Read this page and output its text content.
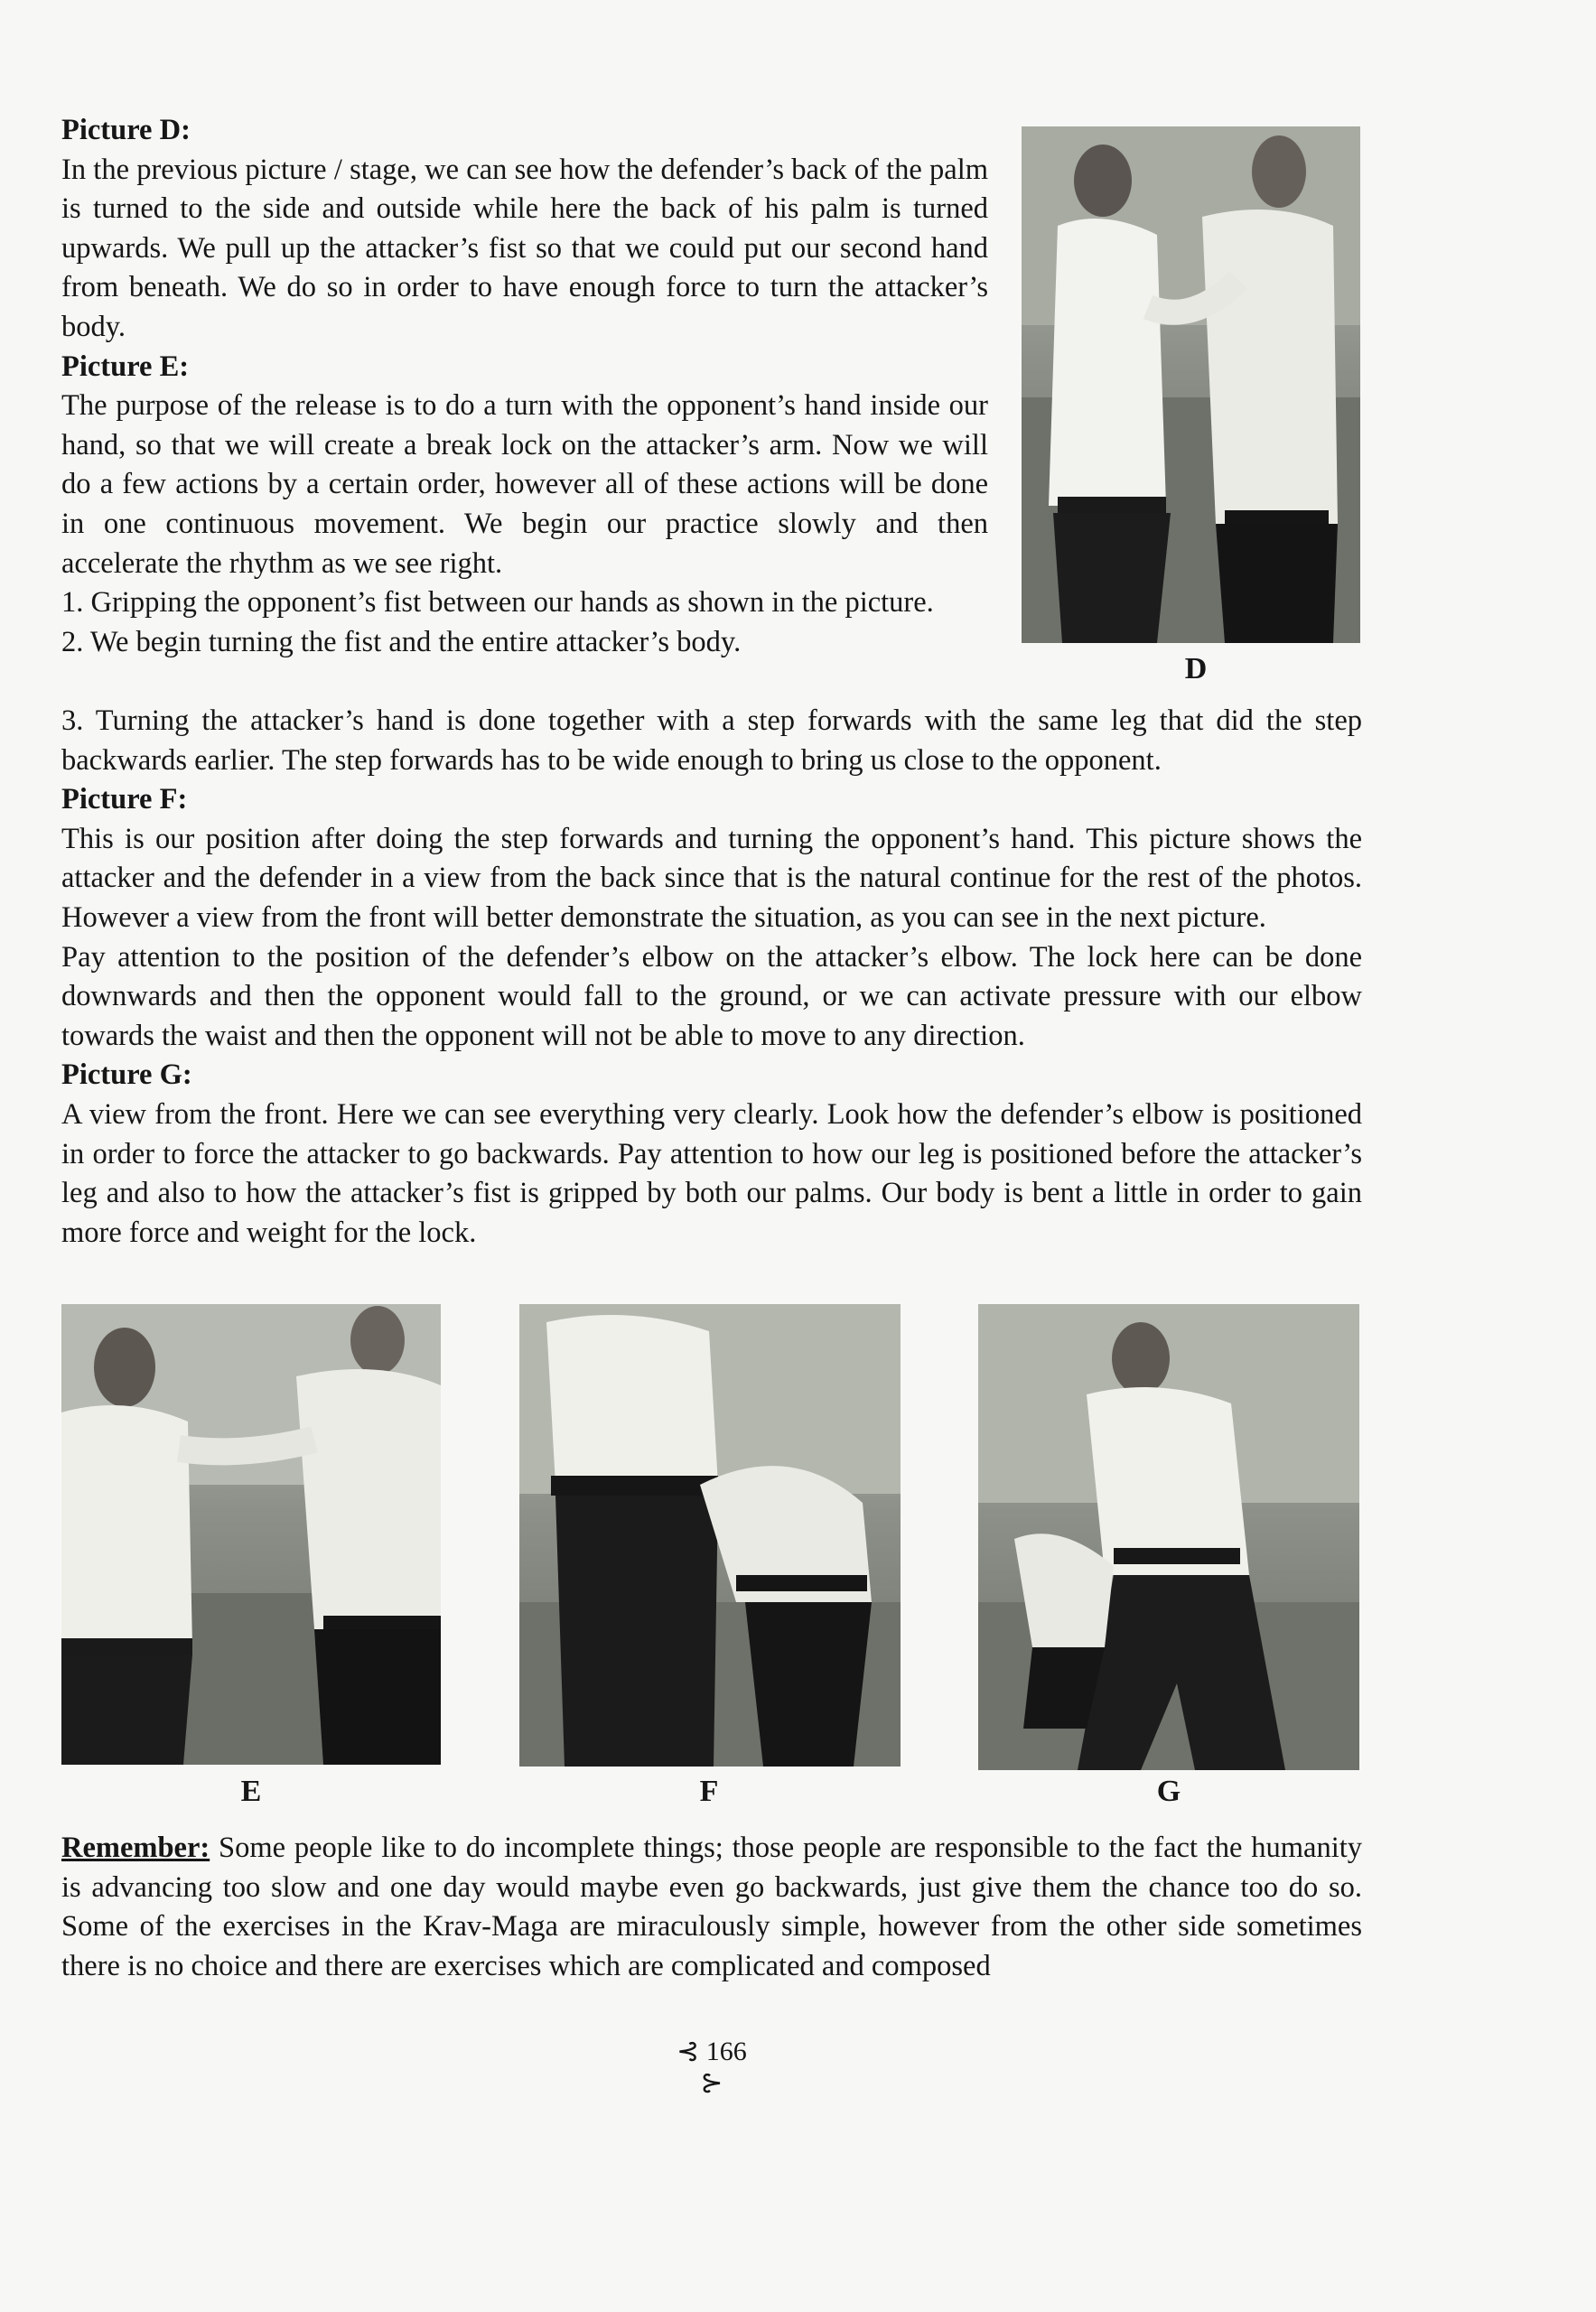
Picture D:
In the previous picture / stage, we can see how the defender’s back of the palm is turned to the side and outside while here the back of his palm is turned upwards. We pull up the attacker’s fist so that we could put our second hand from beneath. We do so in order to have enough force to turn the attacker’s body.
Picture E:
The purpose of the release is to do a turn with the opponent’s hand inside our hand, so that we will create a break lock on the attacker’s arm. Now we will do a few actions by a certain order, however all of these actions will be done in one continuous movement. We begin our practice slowly and then accelerate the rhythm as we see right.
1. Gripping the opponent’s fist between our hands as shown in the picture.
2. We begin turning the fist and the entire attacker’s body.
3. Turning the attacker’s hand is done together with a step forwards with the same leg that did the step backwards earlier. The step forwards has to be wide enough to bring us close to the opponent.
Picture F:
This is our position after doing the step forwards and turning the opponent’s hand. This picture shows the attacker and the defender in a view from the back since that is the natural continue for the rest of the photos. However a view from the front will better demonstrate the situation, as you can see in the next picture.
Pay attention to the position of the defender’s elbow on the attacker’s elbow. The lock here can be done downwards and then the opponent would fall to the ground, or we can activate pressure with our elbow towards the waist and then the opponent will not be able to move to any direction.
Picture G:
A view from the front. Here we can see everything very clearly. Look how the defender’s elbow is positioned in order to force the attacker to go backwards. Pay attention to how our leg is positioned before the attacker’s leg and also to how the attacker’s fist is gripped by both our palms. Our body is bent a little in order to gain more force and weight for the lock.
D
E	F	G
Remember: Some people like to do incomplete things; those people are responsible to the fact the humanity is advancing too slow and one day would maybe even go backwards, just give them the chance too do so. Some of the exercises in the Krav-Maga are miraculously simple, however from the other side sometimes there is no choice and there are exercises which are complicated and composed
⊰ 166 ⊱
